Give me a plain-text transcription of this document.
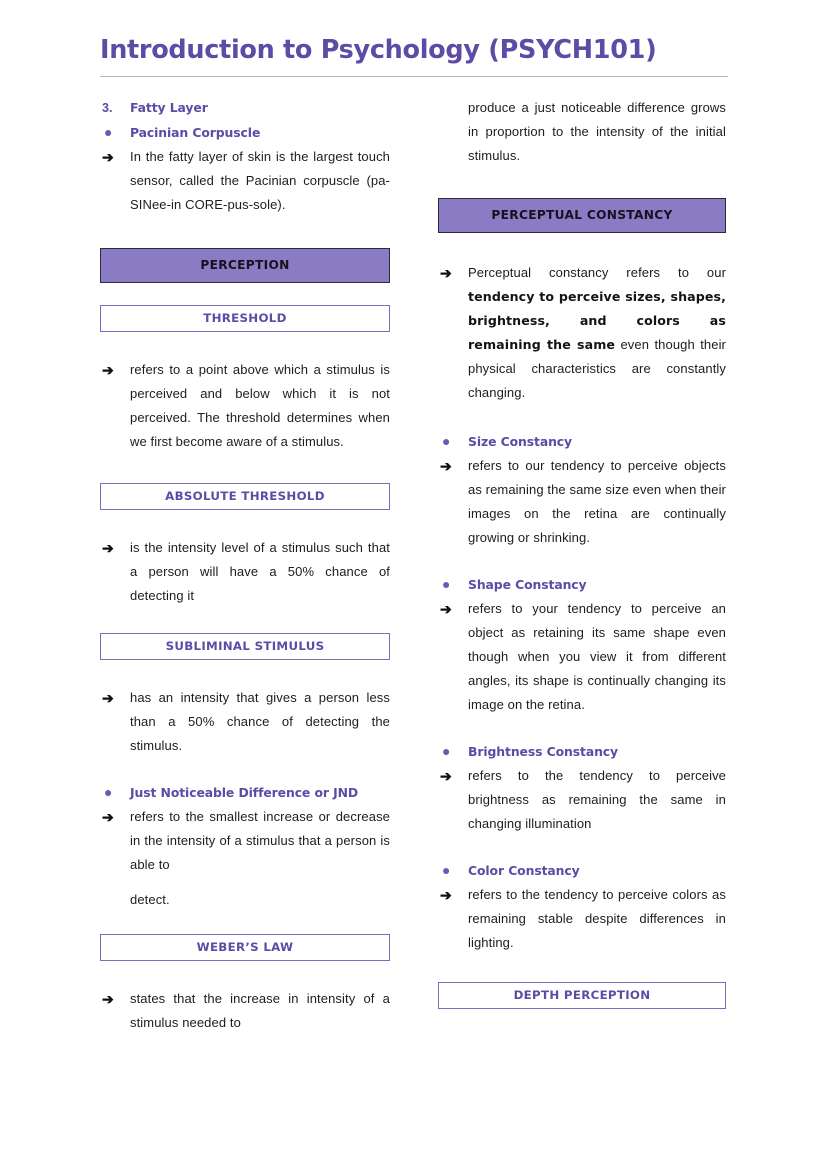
Introduction to Psychology (PSYCH101)
3.	Fatty Layer
●	Pacinian Corpuscle
➔	In the fatty layer of skin is the largest touch sensor, called the Pacinian corpuscle (pa-SINee-in CORE-pus-sole).
PERCEPTION
THRESHOLD
➔	refers to a point above which a stimulus is perceived and below which it is not perceived. The threshold determines when we first become aware of a stimulus.
ABSOLUTE THRESHOLD
➔	is the intensity level of a stimulus such that a person will have a 50% chance of detecting it
SUBLIMINAL STIMULUS
➔	has an intensity that gives a person less than a 50% chance of detecting the stimulus.
●	Just Noticeable Difference or JND
➔	refers to the smallest increase or decrease in the intensity of a stimulus that a person is able to
detect.
WEBER’S LAW
➔	states that the increase in intensity of a stimulus needed to
produce a just noticeable difference grows in proportion to the intensity of the initial stimulus.
PERCEPTUAL CONSTANCY
➔	Perceptual constancy refers to our tendency to perceive sizes, shapes, brightness, and colors as remaining the same even though their physical characteristics are constantly changing.
●	Size Constancy
➔	refers to our tendency to perceive objects as remaining the same size even when their images on the retina are continually growing or shrinking.
●	Shape Constancy
➔	refers to your tendency to perceive an object as retaining its same shape even though when you view it from different angles, its shape is continually changing its image on the retina.
●	Brightness Constancy
➔	refers to the tendency to perceive brightness as remaining the same in changing illumination
●	Color Constancy
➔	refers to the tendency to perceive colors as remaining stable despite differences in lighting.
DEPTH PERCEPTION
